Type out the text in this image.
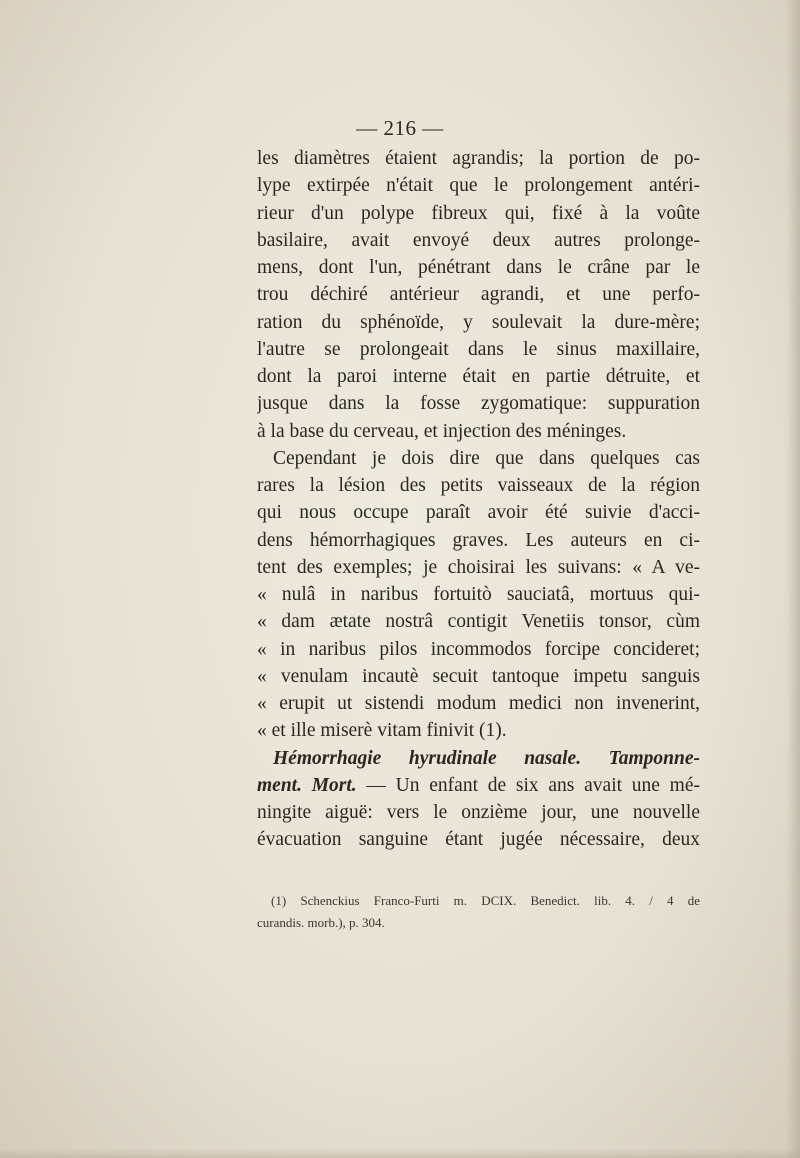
— 216 —
les diamètres étaient agrandis; la portion de po-
lype extirpée n'était que le prolongement antéri-
rieur d'un polype fibreux qui, fixé à la voûte
basilaire, avait envoyé deux autres prolonge-
mens, dont l'un, pénétrant dans le crâne par le
trou déchiré antérieur agrandi, et une perfo-
ration du sphénoïde, y soulevait la dure-mère;
l'autre se prolongeait dans le sinus maxillaire,
dont la paroi interne était en partie détruite, et
jusque dans la fosse zygomatique: suppuration
à la base du cerveau, et injection des méninges.
Cependant je dois dire que dans quelques cas
rares la lésion des petits vaisseaux de la région
qui nous occupe paraît avoir été suivie d'acci-
dens hémorrhagiques graves. Les auteurs en ci-
tent des exemples; je choisirai les suivans: « A ve-
« nulâ in naribus fortuitò sauciatâ, mortuus qui-
« dam ætate nostrâ contigit Venetiis tonsor, cùm
« in naribus pilos incommodos forcipe concideret;
« venulam incautè secuit tantoque impetu sanguis
« erupit ut sistendi modum medici non invenerint,
« et ille miserè vitam finivit (1).
Hémorrhagie hyrudinale nasale. Tamponne-
ment. Mort. — Un enfant de six ans avait une mé-
ningite aiguë: vers le onzième jour, une nouvelle
évacuation sanguine étant jugée nécessaire, deux
(1) Schenckius Franco-Furti m. DCIX. Benedict. lib. 4. / 4 de
curandis. morb.), p. 304.
